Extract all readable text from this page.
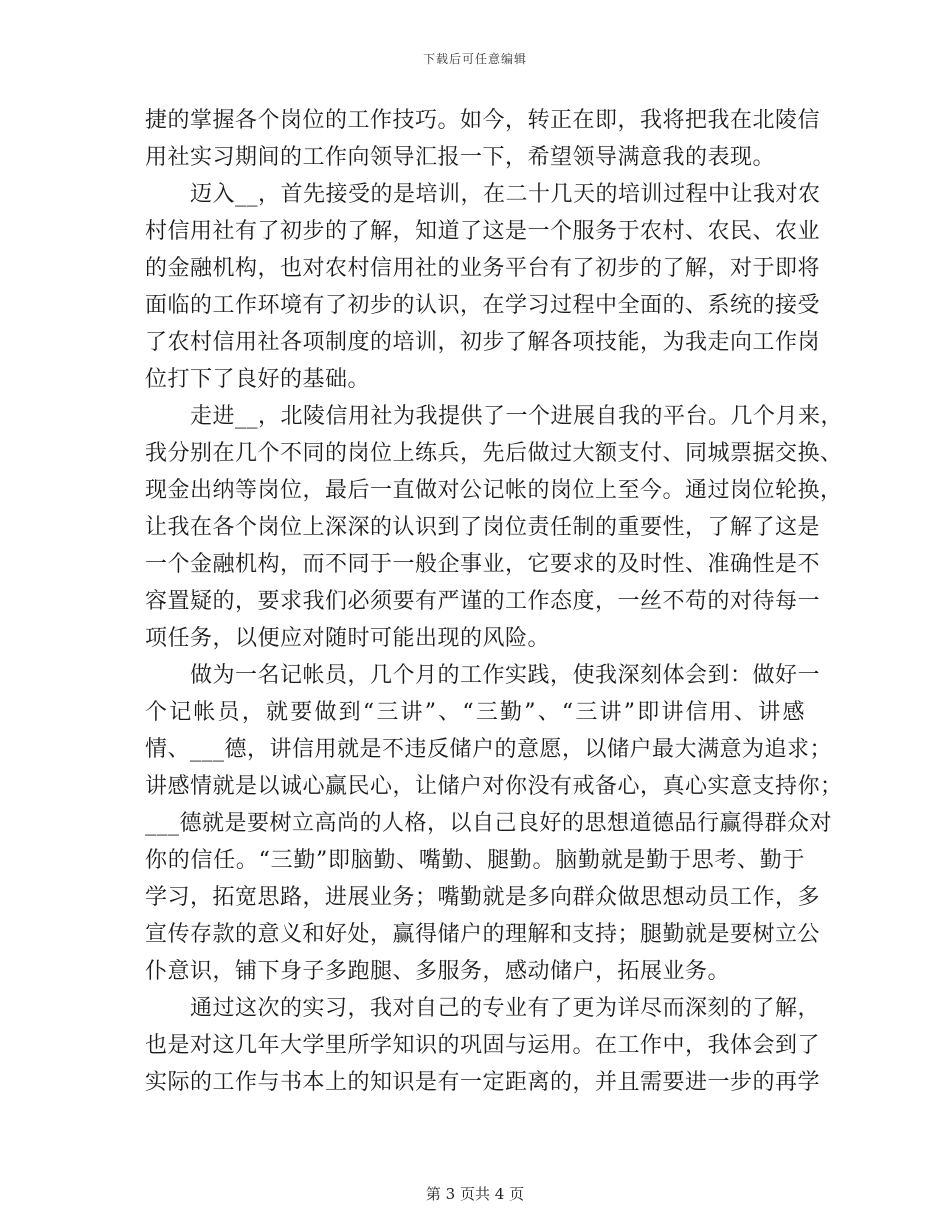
下载后可任意编辑
捷的掌握各个岗位的工作技巧。如今，转正在即，我将把我在北陵信
用社实习期间的工作向领导汇报一下，希望领导满意我的表现。
　　迈入__，首先接受的是培训，在二十几天的培训过程中让我对农
村信用社有了初步的了解，知道了这是一个服务于农村、农民、农业
的金融机构，也对农村信用社的业务平台有了初步的了解，对于即将
面临的工作环境有了初步的认识，在学习过程中全面的、系统的接受
了农村信用社各项制度的培训，初步了解各项技能，为我走向工作岗
位打下了良好的基础。
　　走进__，北陵信用社为我提供了一个进展自我的平台。几个月来，
我分别在几个不同的岗位上练兵，先后做过大额支付、同城票据交换、
现金出纳等岗位，最后一直做对公记帐的岗位上至今。通过岗位轮换，
让我在各个岗位上深深的认识到了岗位责任制的重要性，了解了这是
一个金融机构，而不同于一般企事业，它要求的及时性、准确性是不
容置疑的，要求我们必须要有严谨的工作态度，一丝不苟的对待每一
项任务，以便应对随时可能出现的风险。
　　做为一名记帐员，几个月的工作实践，使我深刻体会到：做好一
个记帐员，就要做到“三讲”、“三勤”、“三讲”即讲信用、讲感
情、___德，讲信用就是不违反储户的意愿，以储户最大满意为追求；
讲感情就是以诚心赢民心，让储户对你没有戒备心，真心实意支持你；
___德就是要树立高尚的人格，以自己良好的思想道德品行赢得群众对
你的信任。“三勤”即脑勤、嘴勤、腿勤。脑勤就是勤于思考、勤于
学习，拓宽思路，进展业务；嘴勤就是多向群众做思想动员工作，多
宣传存款的意义和好处，赢得储户的理解和支持；腿勤就是要树立公
仆意识，铺下身子多跑腿、多服务，感动储户，拓展业务。
　　通过这次的实习，我对自己的专业有了更为详尽而深刻的了解，
也是对这几年大学里所学知识的巩固与运用。在工作中，我体会到了
实际的工作与书本上的知识是有一定距离的，并且需要进一步的再学
第 3 页共 4 页
